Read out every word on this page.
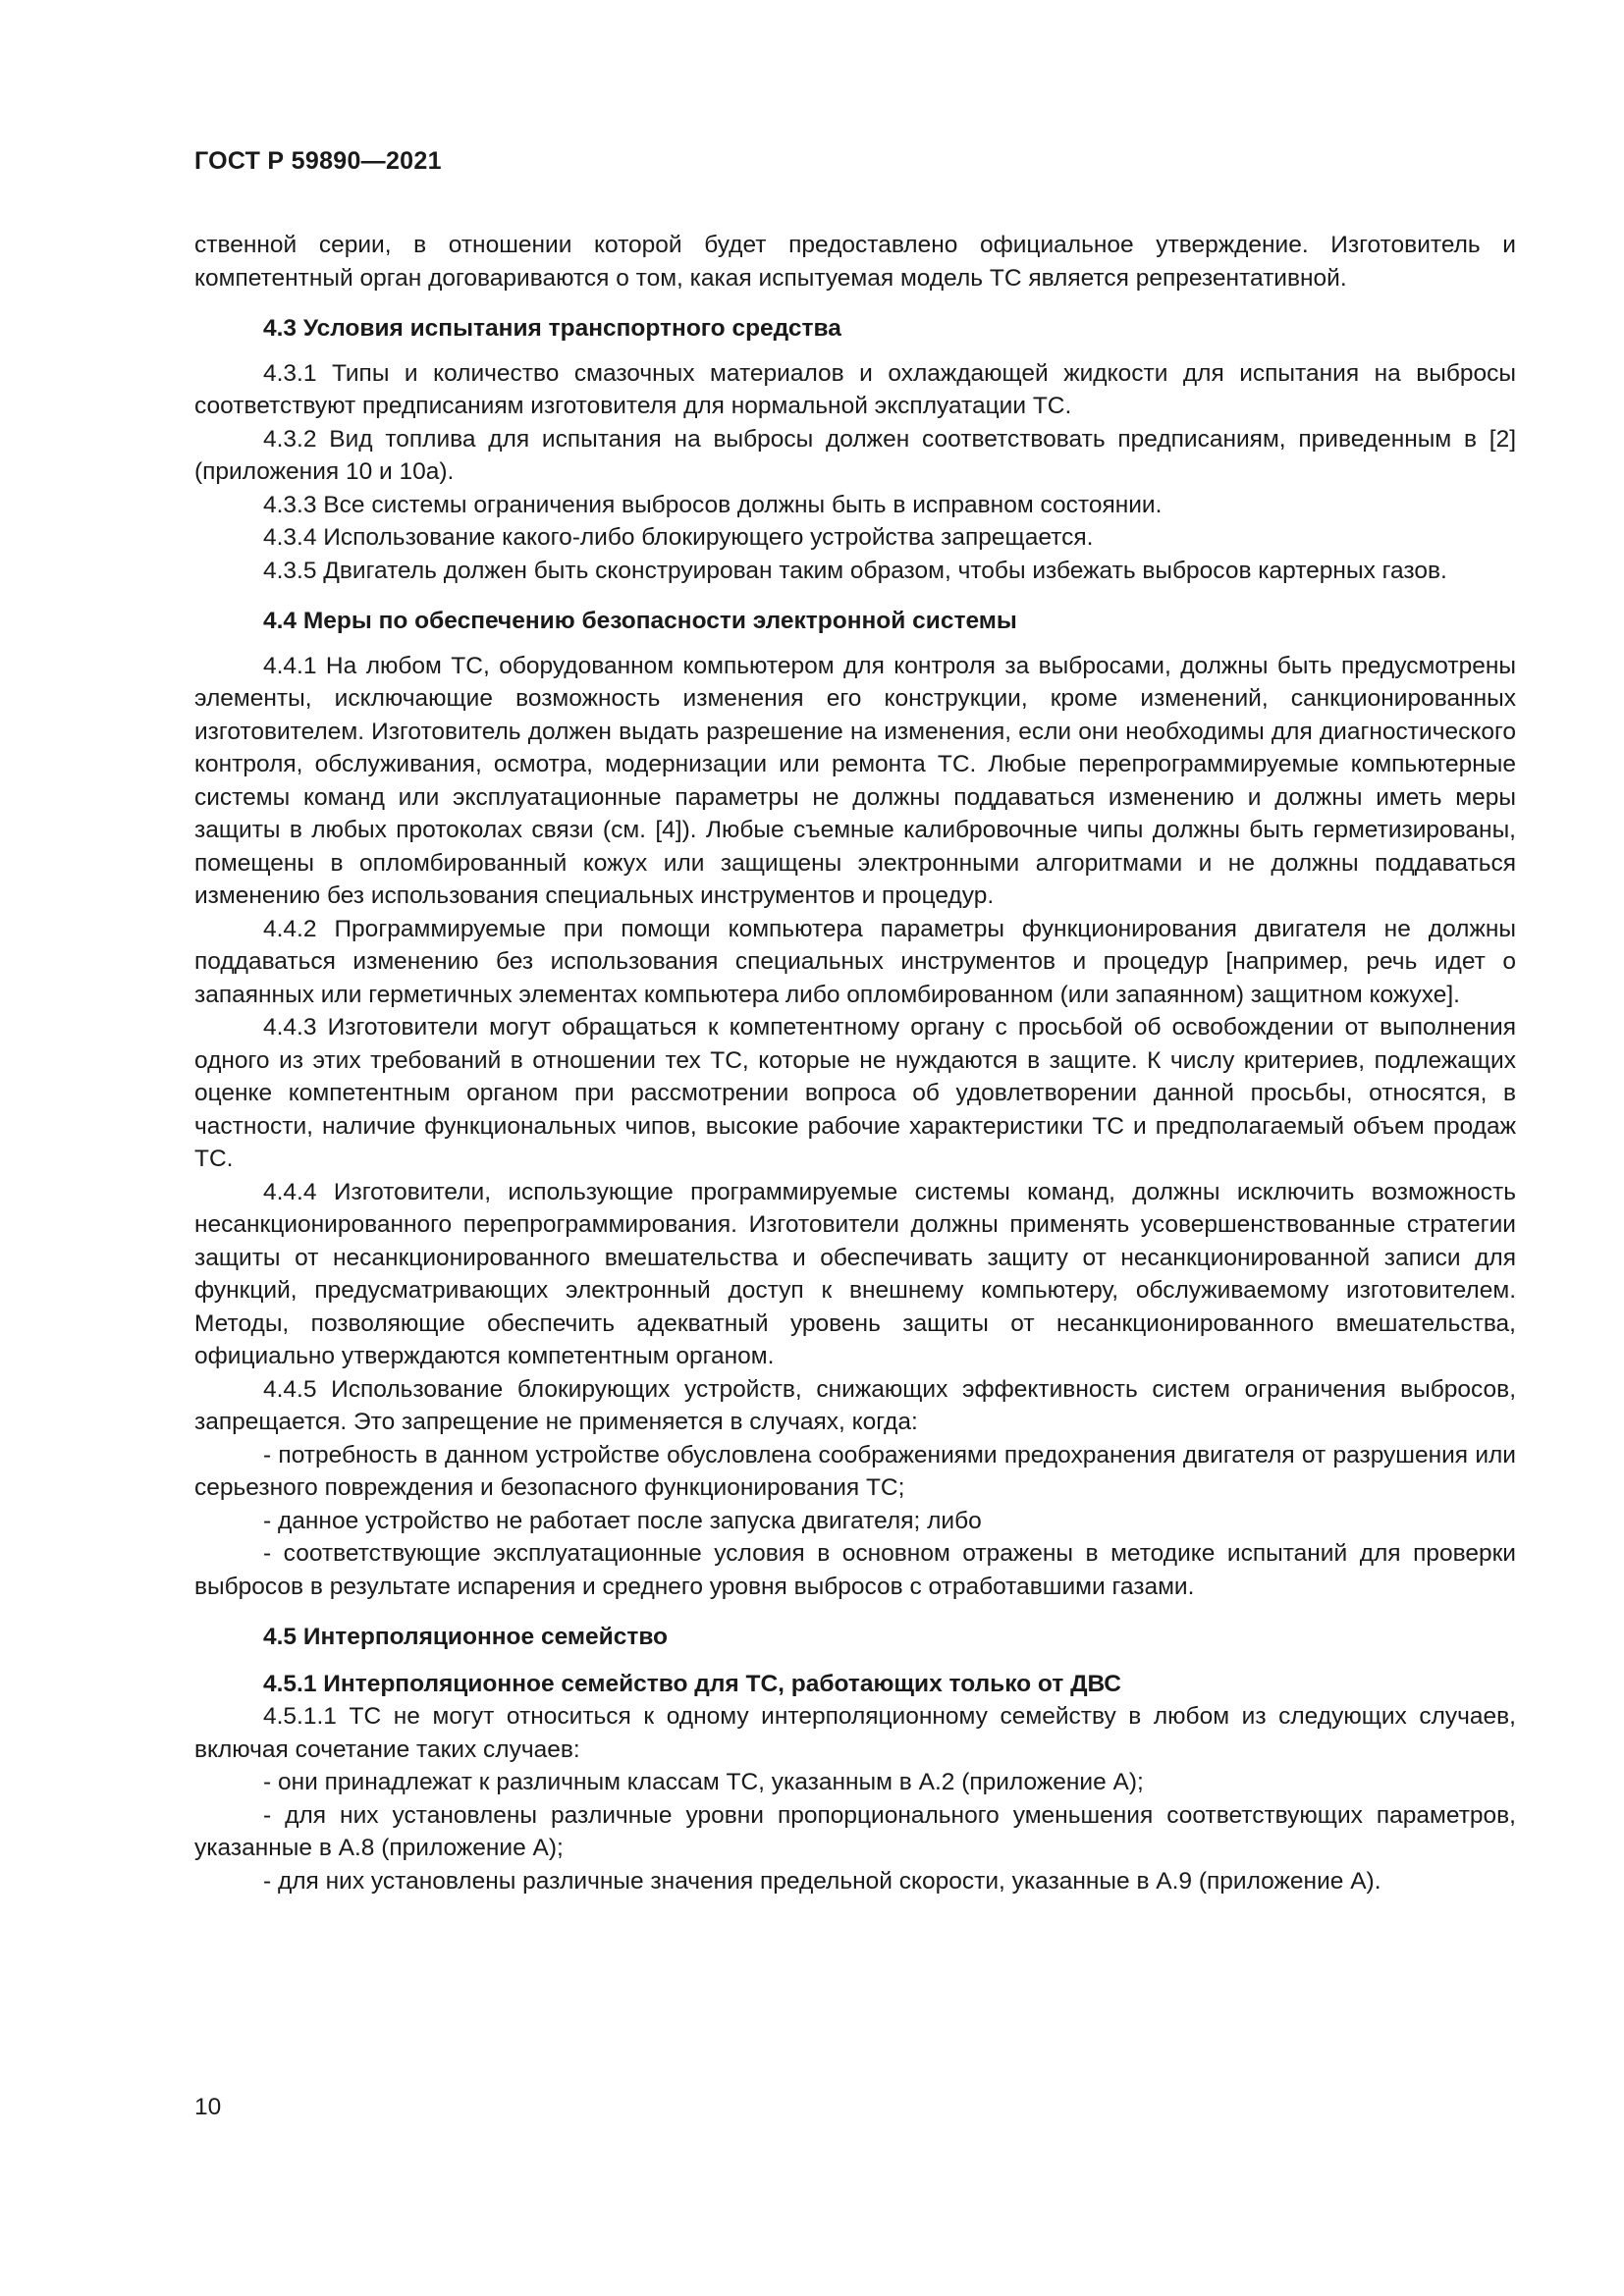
ГОСТ Р 59890—2021

ственной серии, в отношении которой будет предоставлено официальное утверждение. Изготовитель и компетентный орган договариваются о том, какая испытуемая модель ТС является репрезентативной.

4.3 Условия испытания транспортного средства

4.3.1 Типы и количество смазочных материалов и охлаждающей жидкости для испытания на выбросы соответствуют предписаниям изготовителя для нормальной эксплуатации ТС.

4.3.2 Вид топлива для испытания на выбросы должен соответствовать предписаниям, приведенным в [2] (приложения 10 и 10а).

4.3.3 Все системы ограничения выбросов должны быть в исправном состоянии.

4.3.4 Использование какого-либо блокирующего устройства запрещается.

4.3.5 Двигатель должен быть сконструирован таким образом, чтобы избежать выбросов картерных газов.

4.4 Меры по обеспечению безопасности электронной системы

4.4.1 На любом ТС, оборудованном компьютером для контроля за выбросами, должны быть предусмотрены элементы, исключающие возможность изменения его конструкции, кроме изменений, санкционированных изготовителем. Изготовитель должен выдать разрешение на изменения, если они необходимы для диагностического контроля, обслуживания, осмотра, модернизации или ремонта ТС. Любые перепрограммируемые компьютерные системы команд или эксплуатационные параметры не должны поддаваться изменению и должны иметь меры защиты в любых протоколах связи (см. [4]). Любые съемные калибровочные чипы должны быть герметизированы, помещены в опломбированный кожух или защищены электронными алгоритмами и не должны поддаваться изменению без использования специальных инструментов и процедур.

4.4.2 Программируемые при помощи компьютера параметры функционирования двигателя не должны поддаваться изменению без использования специальных инструментов и процедур [например, речь идет о запаянных или герметичных элементах компьютера либо опломбированном (или запаянном) защитном кожухе].

4.4.3 Изготовители могут обращаться к компетентному органу с просьбой об освобождении от выполнения одного из этих требований в отношении тех ТС, которые не нуждаются в защите. К числу критериев, подлежащих оценке компетентным органом при рассмотрении вопроса об удовлетворении данной просьбы, относятся, в частности, наличие функциональных чипов, высокие рабочие характеристики ТС и предполагаемый объем продаж ТС.

4.4.4 Изготовители, использующие программируемые системы команд, должны исключить возможность несанкционированного перепрограммирования. Изготовители должны применять усовершенствованные стратегии защиты от несанкционированного вмешательства и обеспечивать защиту от несанкционированной записи для функций, предусматривающих электронный доступ к внешнему компьютеру, обслуживаемому изготовителем. Методы, позволяющие обеспечить адекватный уровень защиты от несанкционированного вмешательства, официально утверждаются компетентным органом.

4.4.5 Использование блокирующих устройств, снижающих эффективность систем ограничения выбросов, запрещается. Это запрещение не применяется в случаях, когда:

- потребность в данном устройстве обусловлена соображениями предохранения двигателя от разрушения или серьезного повреждения и безопасного функционирования ТС;

- данное устройство не работает после запуска двигателя; либо

- соответствующие эксплуатационные условия в основном отражены в методике испытаний для проверки выбросов в результате испарения и среднего уровня выбросов с отработавшими газами.

4.5 Интерполяционное семейство
4.5.1 Интерполяционное семейство для ТС, работающих только от ДВС

4.5.1.1 ТС не могут относиться к одному интерполяционному семейству в любом из следующих случаев, включая сочетание таких случаев:

- они принадлежат к различным классам ТС, указанным в А.2 (приложение А);

- для них установлены различные уровни пропорционального уменьшения соответствующих параметров, указанные в А.8 (приложение А);

- для них установлены различные значения предельной скорости, указанные в А.9 (приложение А).

10
